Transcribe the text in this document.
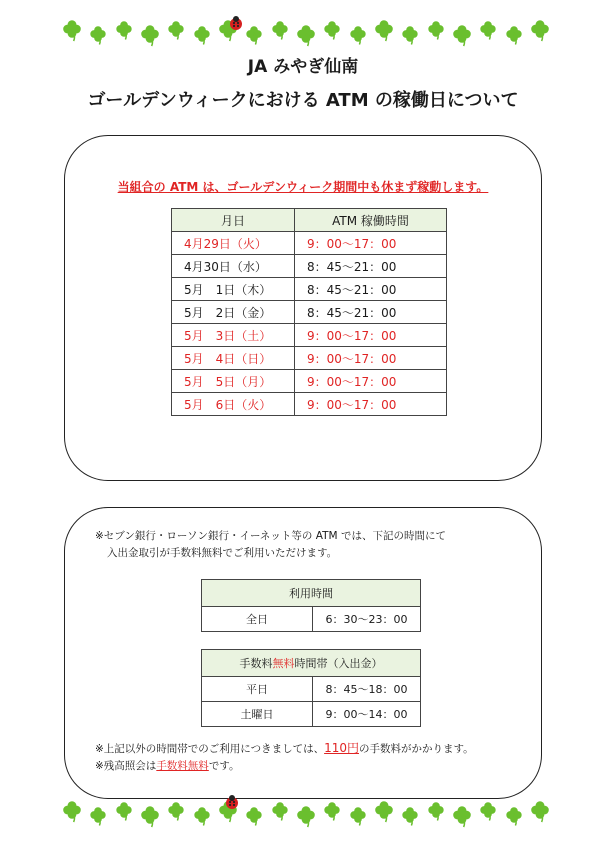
JA みやぎ仙南
ゴールデンウィークにおける ATM の稼働日について
当組合の ATM は、ゴールデンウィーク期間中も休まず稼動します。
月日	ATM 稼働時間
4月29日（火）	9：00〜17：00
4月30日（水）	8：45〜21：00
5月　1日（木）	8：45〜21：00
5月　2日（金）	8：45〜21：00
5月　3日（土）	9：00〜17：00
5月　4日（日）	9：00〜17：00
5月　5日（月）	9：00〜17：00
5月　6日（火）	9：00〜17：00
※セブン銀行・ローソン銀行・イーネット等の ATM では、下記の時間にて
入出金取引が手数料無料でご利用いただけます。
利用時間
全日	6：30〜23：00
手数料無料時間帯（入出金）	
平日	8：45〜18：00
土曜日	9：00〜14：00
※上記以外の時間帯でのご利用につきましては、110円の手数料がかかります。
※残高照会は手数料無料です。
